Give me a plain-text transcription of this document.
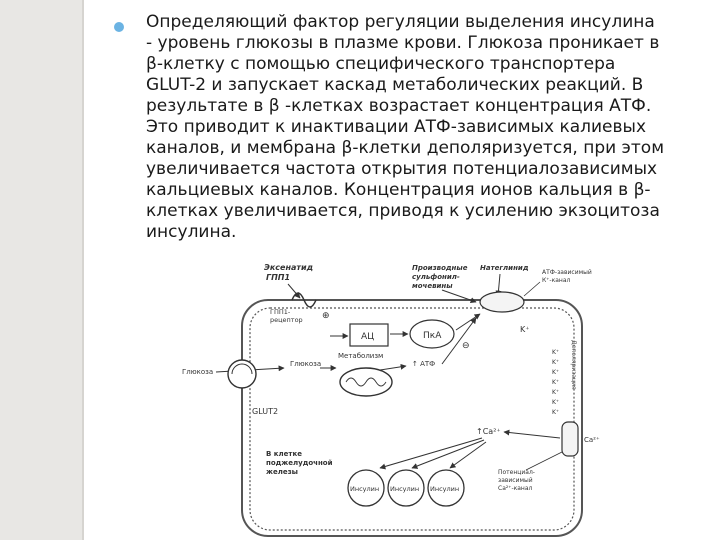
Определяющий фактор регуляции выделения инсулина
- уровень глюкозы в плазме крови. Глюкоза проникает в
β-клетку с помощью специфического транспортера
GLUT-2 и запускает каскад метаболических реакций. В
результате в β -клетках возрастает концентрация АТФ.
Это приводит к инактивации АТФ-зависимых калиевых
каналов, и мембрана β-клетки деполяризуется, при этом
увеличивается частота открытия потенциалозависимых
кальциевых каналов. Концентрация ионов кальция в β-
клетках увеличивается, приводя к усилению экзоцитоза
инсулина.
Эксенатид
ГПП1
ГПП1-
рецептор ⊕
АЦ	ПкА
Производные
сульфонил-
мочевины
Натеглинид
АТФ-зависимый
К⁺-канал
K⁺
Деполяризация
K⁺
K⁺
K⁺
K⁺
K⁺
K⁺
K⁺
↑ АТФ
⊖
Глюкоза
Глюкоза
GLUT2
Метаболизм
Ca²⁺
↑Ca²⁺
Потенциал-
зависимый
Ca²⁺-канал
В клетке
поджелудочной
железы
Инсулин Инсулин Инсулин
